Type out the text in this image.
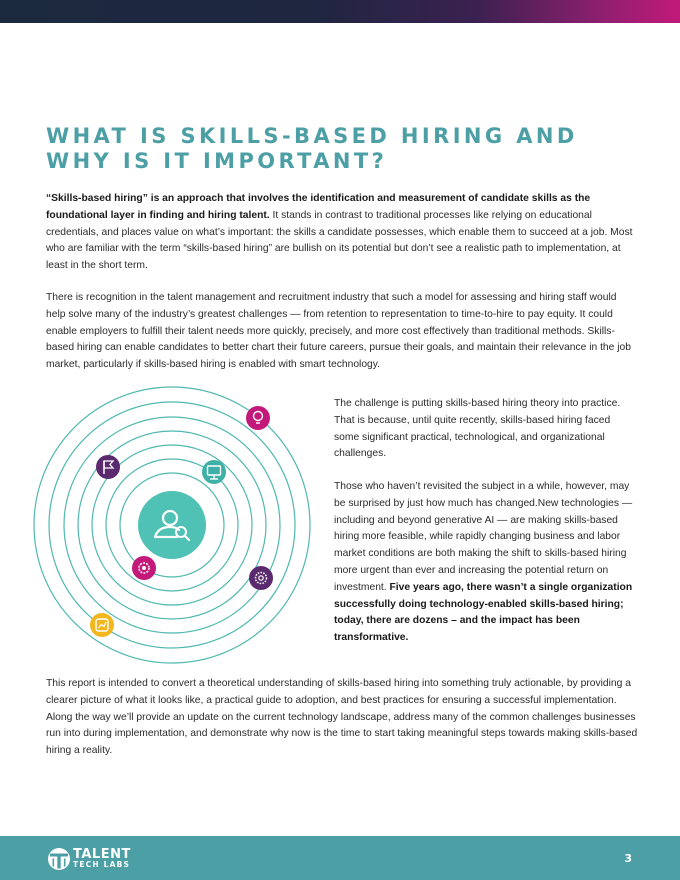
WHAT IS SKILLS-BASED HIRING AND
WHY IS IT IMPORTANT?

“Skills-based hiring” is an approach that involves the identification and measurement of candidate skills as the foundational layer in finding and hiring talent. It stands in contrast to traditional processes like relying on educational credentials, and places value on what’s important: the skills a candidate possesses, which enable them to succeed at a job. Most who are familiar with the term “skills-based hiring” are bullish on its potential but don’t see a realistic path to implementation, at least in the short term.

There is recognition in the talent management and recruitment industry that such a model for assessing and hiring staff would help solve many of the industry’s greatest challenges — from retention to representation to time-to-hire to pay equity. It could enable employers to fulfill their talent needs more quickly, precisely, and more cost effectively than traditional methods. Skills-based hiring can enable candidates to better chart their future careers, pursue their goals, and maintain their relevance in the job market, particularly if skills-based hiring is enabled with smart technology.

The challenge is putting skills-based hiring theory into practice. That is because, until quite recently, skills-based hiring faced some significant practical, technological, and organizational challenges.

Those who haven’t revisited the subject in a while, however, may be surprised by just how much has changed.New technologies — including and beyond generative AI — are making skills-based hiring more feasible, while rapidly changing business and labor market conditions are both making the shift to skills-based hiring more urgent than ever and increasing the potential return on investment. Five years ago, there wasn’t a single organization successfully doing technology-enabled skills-based hiring; today, there are dozens – and the impact has been transformative.

This report is intended to convert a theoretical understanding of skills-based hiring into something truly actionable, by providing a clearer picture of what it looks like, a practical guide to adoption, and best practices for ensuring a successful implementation. Along the way we’ll provide an update on the current technology landscape, address many of the common challenges businesses run into during implementation, and demonstrate why now is the time to start taking meaningful steps towards making skills-based hiring a reality.

TALENT
TECH LABS	3
